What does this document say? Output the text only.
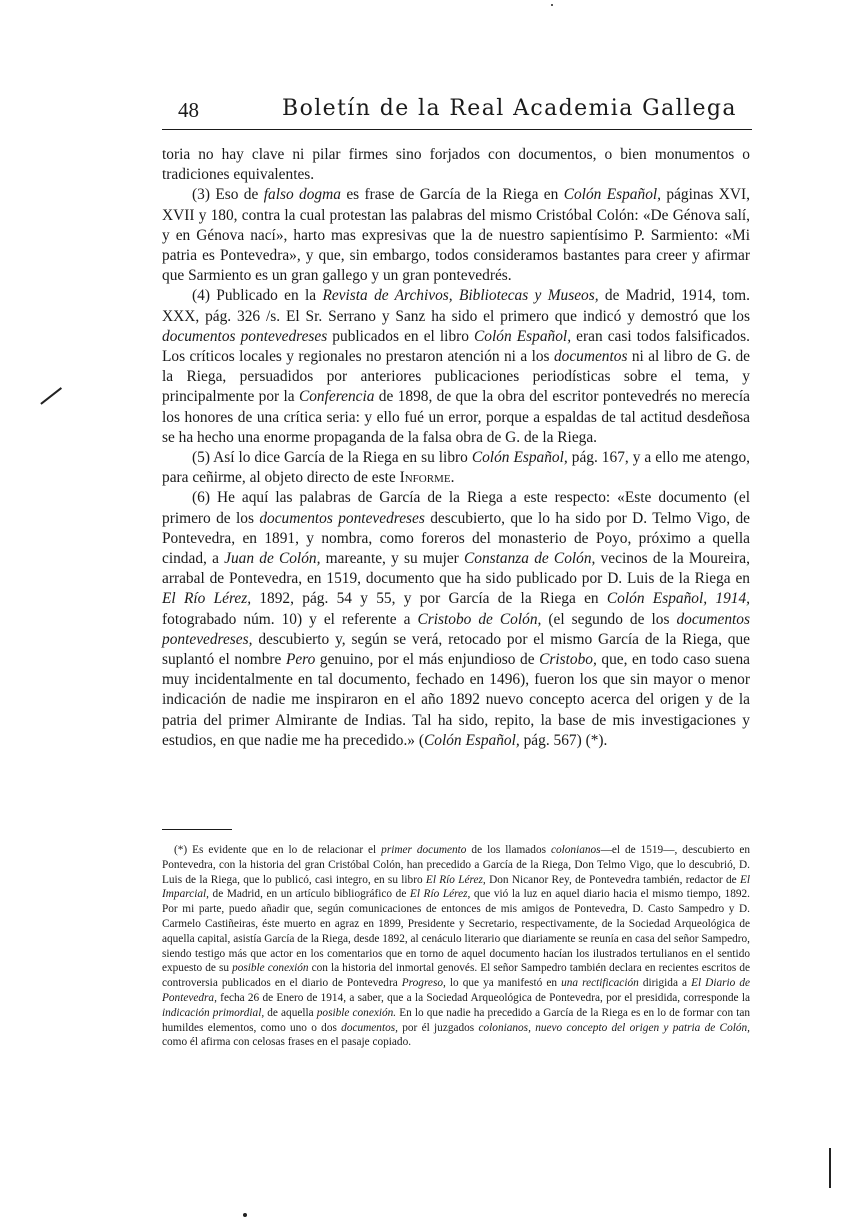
48	Boletín de la Real Academia Gallega

toria no hay clave ni pilar firmes sino forjados con documentos, o bien monumentos o tradiciones equivalentes.

(3) Eso de falso dogma es frase de García de la Riega en Colón Español, páginas XVI, XVII y 180, contra la cual protestan las palabras del mismo Cristóbal Colón: «De Génova salí, y en Génova nací», harto mas expresivas que la de nuestro sapientísimo P. Sarmiento: «Mi patria es Pontevedra», y que, sin embargo, todos consideramos bastantes para creer y afirmar que Sarmiento es un gran gallego y un gran pontevedrés.

(4) Publicado en la Revista de Archivos, Bibliotecas y Museos, de Madrid, 1914, tom. XXX, pág. 326 /s. El Sr. Serrano y Sanz ha sido el primero que indicó y demostró que los documentos pontevedreses publicados en el libro Colón Español, eran casi todos falsificados. Los críticos locales y regionales no prestaron atención ni a los documentos ni al libro de G. de la Riega, persuadidos por anteriores publicaciones periodísticas sobre el tema, y principalmente por la Conferencia de 1898, de que la obra del escritor pontevedrés no merecía los honores de una crítica seria: y ello fué un error, porque a espaldas de tal actitud desdeñosa se ha hecho una enorme propaganda de la falsa obra de G. de la Riega.

(5) Así lo dice García de la Riega en su libro Colón Español, pág. 167, y a ello me atengo, para ceñirme, al objeto directo de este Informe.

(6) He aquí las palabras de García de la Riega a este respecto: «Este documento (el primero de los documentos pontevedreses descubierto, que lo ha sido por D. Telmo Vigo, de Pontevedra, en 1891, y nombra, como foreros del monasterio de Poyo, próximo a quella cindad, a Juan de Colón, mareante, y su mujer Constanza de Colón, vecinos de la Moureira, arrabal de Pontevedra, en 1519, documento que ha sido publicado por D. Luis de la Riega en El Río Lérez, 1892, pág. 54 y 55, y por García de la Riega en Colón Español, 1914, fotograbado núm. 10) y el referente a Cristobo de Colón, (el segundo de los documentos pontevedreses, descubierto y, según se verá, retocado por el mismo García de la Riega, que suplantó el nombre Pero genuino, por el más enjundioso de Cristobo, que, en todo caso suena muy incidentalmente en tal documento, fechado en 1496), fueron los que sin mayor o menor indicación de nadie me inspiraron en el año 1892 nuevo concepto acerca del origen y de la patria del primer Almirante de Indias. Tal ha sido, repito, la base de mis investigaciones y estudios, en que nadie me ha precedido.» (Colón Español, pág. 567) (*).

(*) Es evidente que en lo de relacionar el primer documento de los llamados colonianos—el de 1519—, descubierto en Pontevedra, con la historia del gran Cristóbal Colón, han precedido a García de la Riega, Don Telmo Vigo, que lo descubrió, D. Luis de la Riega, que lo publicó, casi integro, en su libro El Río Lérez, Don Nicanor Rey, de Pontevedra también, redactor de El Imparcial, de Madrid, en un artículo bibliográfico de El Río Lérez, que vió la luz en aquel diario hacia el mismo tiempo, 1892. Por mi parte, puedo añadir que, según comunicaciones de entonces de mis amigos de Pontevedra, D. Casto Sampedro y D. Carmelo Castiñeiras, éste muerto en agraz en 1899, Presidente y Secretario, respectivamente, de la Sociedad Arqueológica de aquella capital, asistía García de la Riega, desde 1892, al cenáculo literario que diariamente se reunía en casa del señor Sampedro, siendo testigo más que actor en los comentarios que en torno de aquel documento hacían los ilustrados tertulianos en el sentido expuesto de su posible conexión con la historia del inmortal genovés. El señor Sampedro también declara en recientes escritos de controversia publicados en el diario de Pontevedra Progreso, lo que ya manifestó en una rectificación dirigida a El Diario de Pontevedra, fecha 26 de Enero de 1914, a saber, que a la Sociedad Arqueológica de Pontevedra, por el presidida, corresponde la indicación primordial, de aquella posible conexión. En lo que nadie ha precedido a García de la Riega es en lo de formar con tan humildes elementos, como uno o dos documentos, por él juzgados colonianos, nuevo concepto del origen y patria de Colón, como él afirma con celosas frases en el pasaje copiado.
